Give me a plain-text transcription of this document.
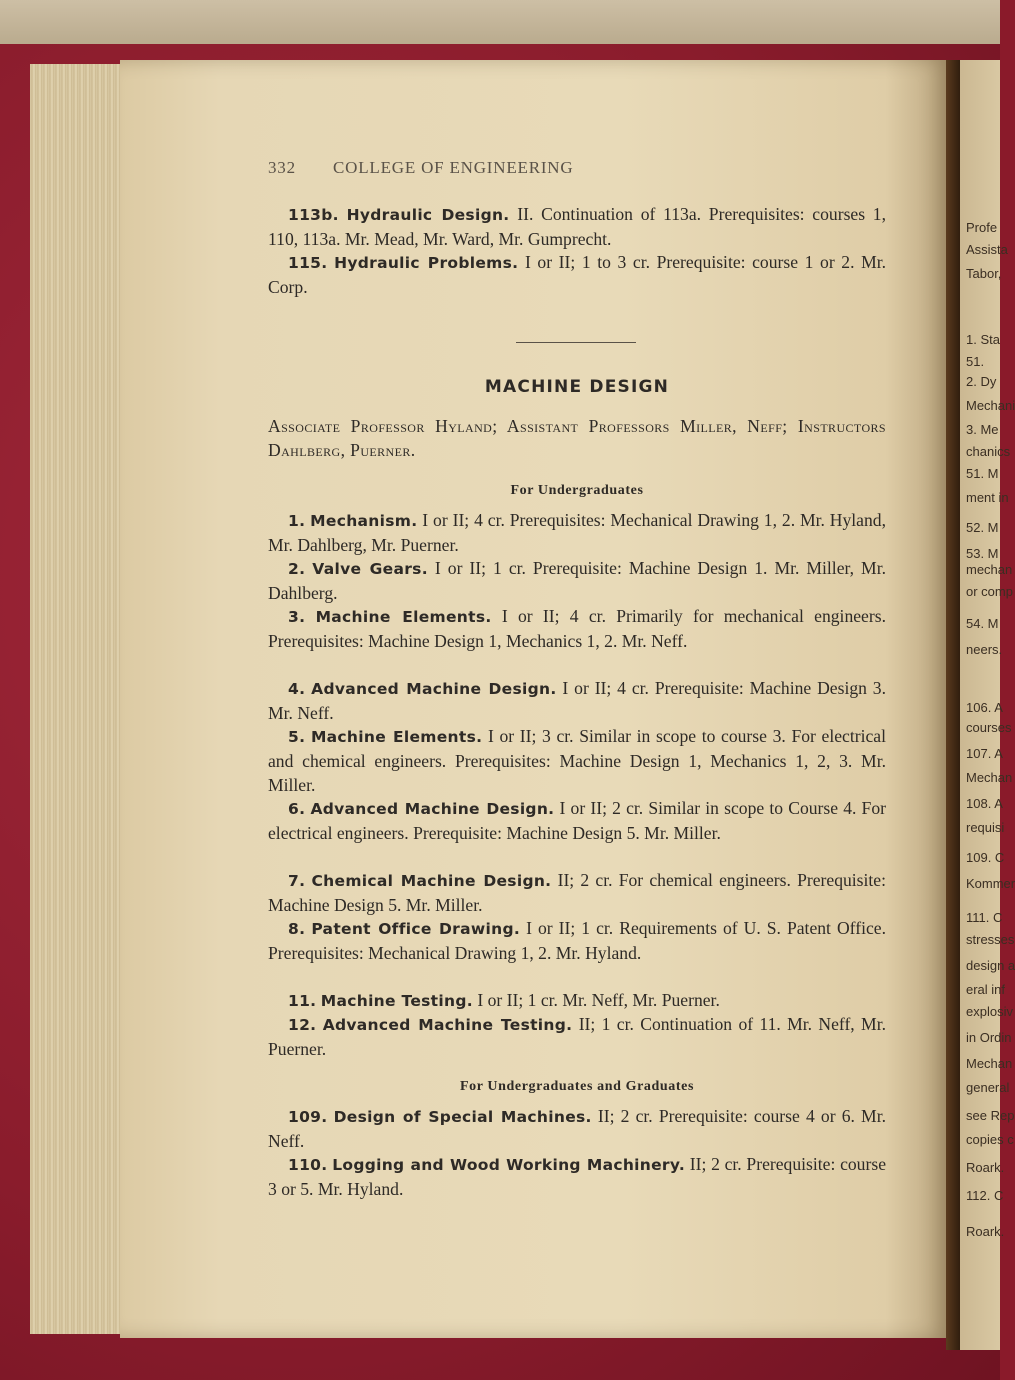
Profe
Assista
Tabor,
1. Sta
51.
2. Dy
Mechani
3. Me
chanics
51. M
ment in
52. M
53. M
mechan
or comp
54. M
neers.
106. A
courses
107. A
Mechan
108. A
requisi
109. C
Kommer
111. C
stresses
design a
eral inf
explosiv
in Ordin
Mechan
general
see Rep
copies c
Roark.
112. C
Roark.
332	COLLEGE OF ENGINEERING
113b. Hydraulic Design. II. Continuation of 113a. Prerequisites: courses 1, 110, 113a. Mr. Mead, Mr. Ward, Mr. Gumprecht.
115. Hydraulic Problems. I or II; 1 to 3 cr. Prerequisite: course 1 or 2. Mr. Corp.
MACHINE DESIGN
Associate Professor Hyland; Assistant Professors Miller, Neff; Instructors Dahlberg, Puerner.
For Undergraduates
1. Mechanism. I or II; 4 cr. Prerequisites: Mechanical Drawing 1, 2. Mr. Hyland, Mr. Dahlberg, Mr. Puerner.
2. Valve Gears. I or II; 1 cr. Prerequisite: Machine Design 1. Mr. Miller, Mr. Dahlberg.
3. Machine Elements. I or II; 4 cr. Primarily for mechanical engineers. Prerequisites: Machine Design 1, Mechanics 1, 2. Mr. Neff.
4. Advanced Machine Design. I or II; 4 cr. Prerequisite: Machine Design 3. Mr. Neff.
5. Machine Elements. I or II; 3 cr. Similar in scope to course 3. For electrical and chemical engineers. Prerequisites: Machine Design 1, Mechanics 1, 2, 3. Mr. Miller.
6. Advanced Machine Design. I or II; 2 cr. Similar in scope to Course 4. For electrical engineers. Prerequisite: Machine Design 5. Mr. Miller.
7. Chemical Machine Design. II; 2 cr. For chemical engineers. Prerequisite: Machine Design 5. Mr. Miller.
8. Patent Office Drawing. I or II; 1 cr. Requirements of U. S. Patent Office. Prerequisites: Mechanical Drawing 1, 2. Mr. Hyland.
11. Machine Testing. I or II; 1 cr. Mr. Neff, Mr. Puerner.
12. Advanced Machine Testing. II; 1 cr. Continuation of 11. Mr. Neff, Mr. Puerner.
For Undergraduates and Graduates
109. Design of Special Machines. II; 2 cr. Prerequisite: course 4 or 6. Mr. Neff.
110. Logging and Wood Working Machinery. II; 2 cr. Prerequisite: course 3 or 5. Mr. Hyland.
